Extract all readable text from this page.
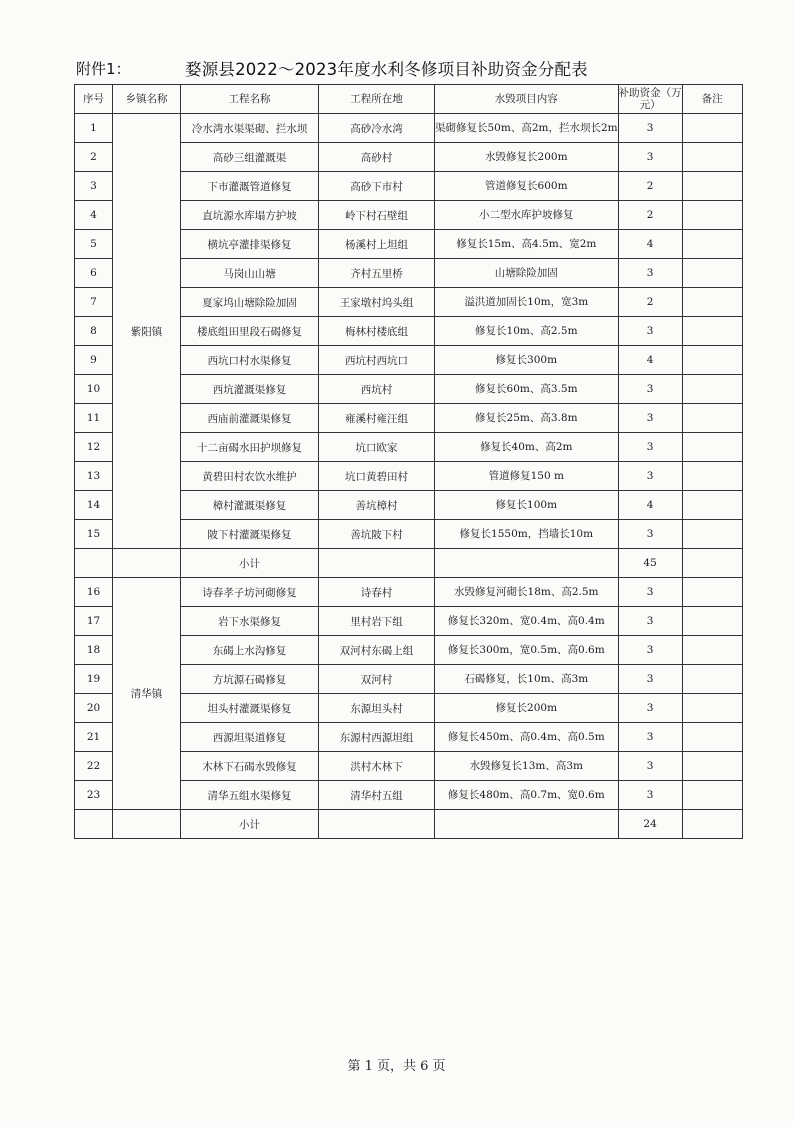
附件1：	婺源县2022～2023年度水利冬修项目补助资金分配表
序号	乡镇名称	工程名称	工程所在地	水毁项目内容	补助资金（万元）	备注
1	紫阳镇	冷水湾水渠渠砌、拦水坝	高砂冷水湾	渠砌修复长50m、高2m，拦水坝长2m	3	
2		高砂三组灌溉渠	高砂村	水毁修复长200m	3	
3		下市灌溉管道修复	高砂下市村	管道修复长600m	2	
4		直坑源水库塌方护坡	岭下村石壁组	小二型水库护坡修复	2	
5		横坑亭灌排渠修复	杨溪村上坦组	修复长15m、高4.5m、宽2m	4	
6		马岗山山塘	齐村五里桥	山塘除险加固	3	
7		夏家坞山塘除险加固	王家墩村坞头组	溢洪道加固长10m，宽3m	2	
8		楼底组田里段石碣修复	梅林村楼底组	修复长10m、高2.5m	3	
9		西坑口村水渠修复	西坑村西坑口	修复长300m	4	
10		西坑灌溉渠修复	西坑村	修复长60m、高3.5m	3	
11		西庙前灌溉渠修复	雍溪村雍汪组	修复长25m、高3.8m	3	
12		十二亩碣水田护坝修复	坑口欧家	修复长40m、高2m	3	
13		黄碧田村农饮水维护	坑口黄碧田村	管道修复150 m	3	
14		樟村灌溉渠修复	善坑樟村	修复长100m	4	
15		陂下村灌溉渠修复	善坑陂下村	修复长1550m，挡墙长10m	3	
		小计			45	
16	清华镇	诗春孝子坊河砌修复	诗春村	水毁修复河砌长18m、高2.5m	3	
17		岩下水渠修复	里村岩下组	修复长320m、宽0.4m、高0.4m	3	
18		东碣上水沟修复	双河村东碣上组	修复长300m，宽0.5m、高0.6m	3	
19		方坑源石碣修复	双河村	石碣修复，长10m、高3m	3	
20		坦头村灌溉渠修复	东源坦头村	修复长200m	3	
21		西源坦渠道修复	东源村西源坦组	修复长450m、高0.4m、高0.5m	3	
22		木林下石碣水毁修复	洪村木林下	水毁修复长13m、高3m	3	
23		清华五组水渠修复	清华村五组	修复长480m、高0.7m、宽0.6m	3	
		小计			24	
第 1 页，共 6 页
